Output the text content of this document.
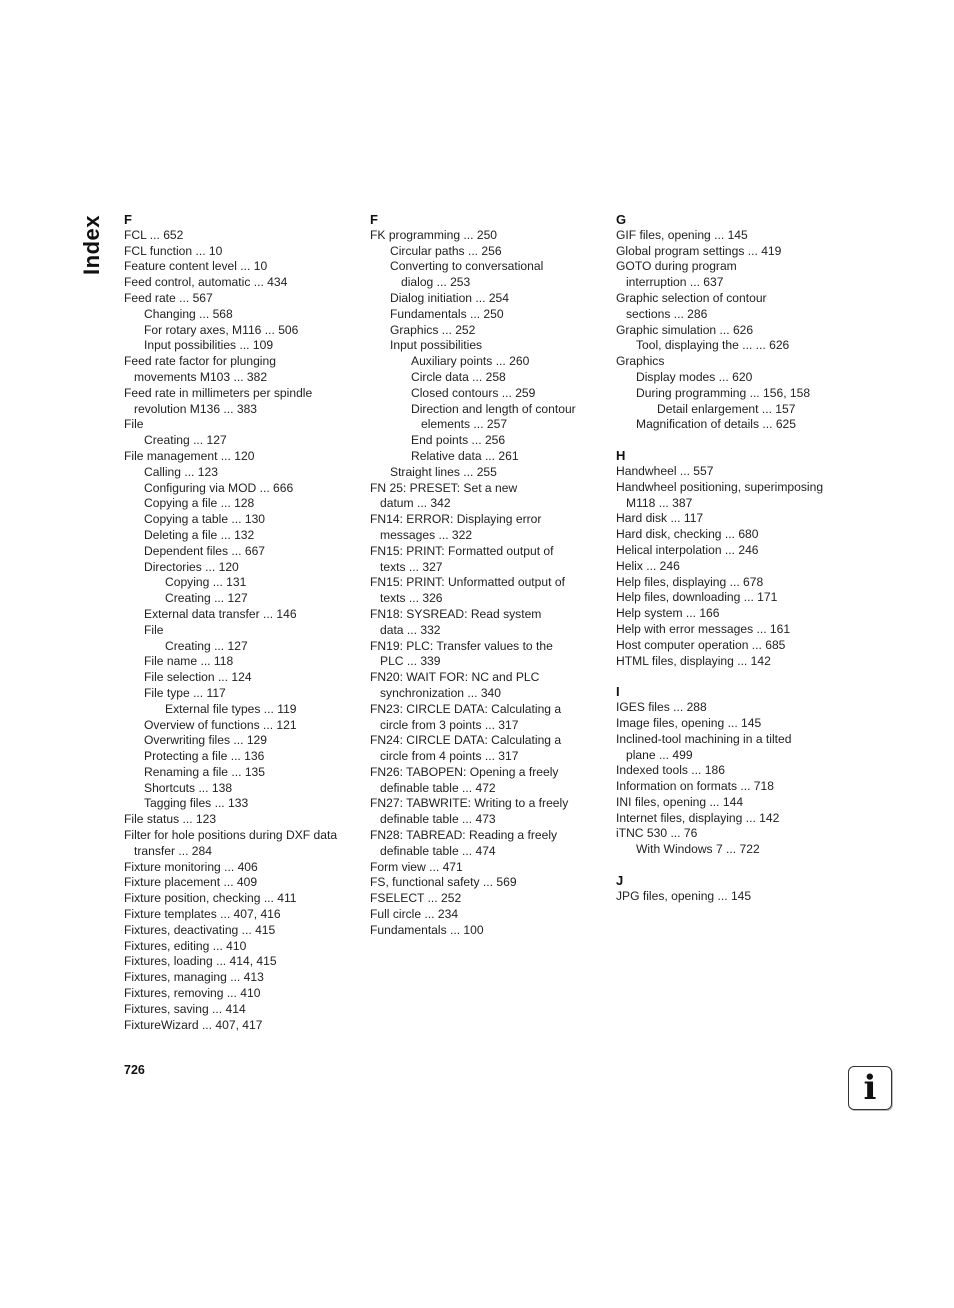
Index F
FCL ... 652
FCL function ... 10
Feature content level ... 10
Feed control, automatic ... 434
Feed rate ... 567
Changing ... 568
For rotary axes, M116 ... 506
Input possibilities ... 109
Feed rate factor for plunging
movements M103 ... 382
Feed rate in millimeters per spindle
revolution M136 ... 383
File
Creating ... 127
File management ... 120
Calling ... 123
Configuring via MOD ... 666
Copying a file ... 128
Copying a table ... 130
Deleting a file ... 132
Dependent files ... 667
Directories ... 120
Copying ... 131
Creating ... 127
External data transfer ... 146
File
Creating ... 127
File name ... 118
File selection ... 124
File type ... 117
External file types ... 119
Overview of functions ... 121
Overwriting files ... 129
Protecting a file ... 136
Renaming a file ... 135
Shortcuts ... 138
Tagging files ... 133
File status ... 123
Filter for hole positions during DXF data
transfer ... 284
Fixture monitoring ... 406
Fixture placement ... 409
Fixture position, checking ... 411
Fixture templates ... 407, 416
Fixtures, deactivating ... 415
Fixtures, editing ... 410
Fixtures, loading ... 414, 415
Fixtures, managing ... 413
Fixtures, removing ... 410
Fixtures, saving ... 414
FixtureWizard ... 407, 417
F
FK programming ... 250
Circular paths ... 256
Converting to conversational
dialog ... 253
Dialog initiation ... 254
Fundamentals ... 250
Graphics ... 252
Input possibilities
Auxiliary points ... 260
Circle data ... 258
Closed contours ... 259
Direction and length of contour
elements ... 257
End points ... 256
Relative data ... 261
Straight lines ... 255
FN 25: PRESET: Set a new
datum ... 342
FN14: ERROR: Displaying error
messages ... 322
FN15: PRINT: Formatted output of
texts ... 327
FN15: PRINT: Unformatted output of
texts ... 326
FN18: SYSREAD: Read system
data ... 332
FN19: PLC: Transfer values to the
PLC ... 339
FN20: WAIT FOR: NC and PLC
synchronization ... 340
FN23: CIRCLE DATA: Calculating a
circle from 3 points ... 317
FN24: CIRCLE DATA: Calculating a
circle from 4 points ... 317
FN26: TABOPEN: Opening a freely
definable table ... 472
FN27: TABWRITE: Writing to a freely
definable table ... 473
FN28: TABREAD: Reading a freely
definable table ... 474
Form view ... 471
FS, functional safety ... 569
FSELECT ... 252
Full circle ... 234
Fundamentals ... 100
G
GIF files, opening ... 145
Global program settings ... 419
GOTO during program
interruption ... 637
Graphic selection of contour
sections ... 286
Graphic simulation ... 626
Tool, displaying the ... ... 626
Graphics
Display modes ... 620
During programming ... 156, 158
Detail enlargement ... 157
Magnification of details ... 625
H
Handwheel ... 557
Handwheel positioning, superimposing
M118 ... 387
Hard disk ... 117
Hard disk, checking ... 680
Helical interpolation ... 246
Helix ... 246
Help files, displaying ... 678
Help files, downloading ... 171
Help system ... 166
Help with error messages ... 161
Host computer operation ... 685
HTML files, displaying ... 142
I
IGES files ... 288
Image files, opening ... 145
Inclined-tool machining in a tilted
plane ... 499
Indexed tools ... 186
Information on formats ... 718
INI files, opening ... 144
Internet files, displaying ... 142
iTNC 530 ... 76
With Windows 7 ... 722
J
JPG files, opening ... 145
726	i
